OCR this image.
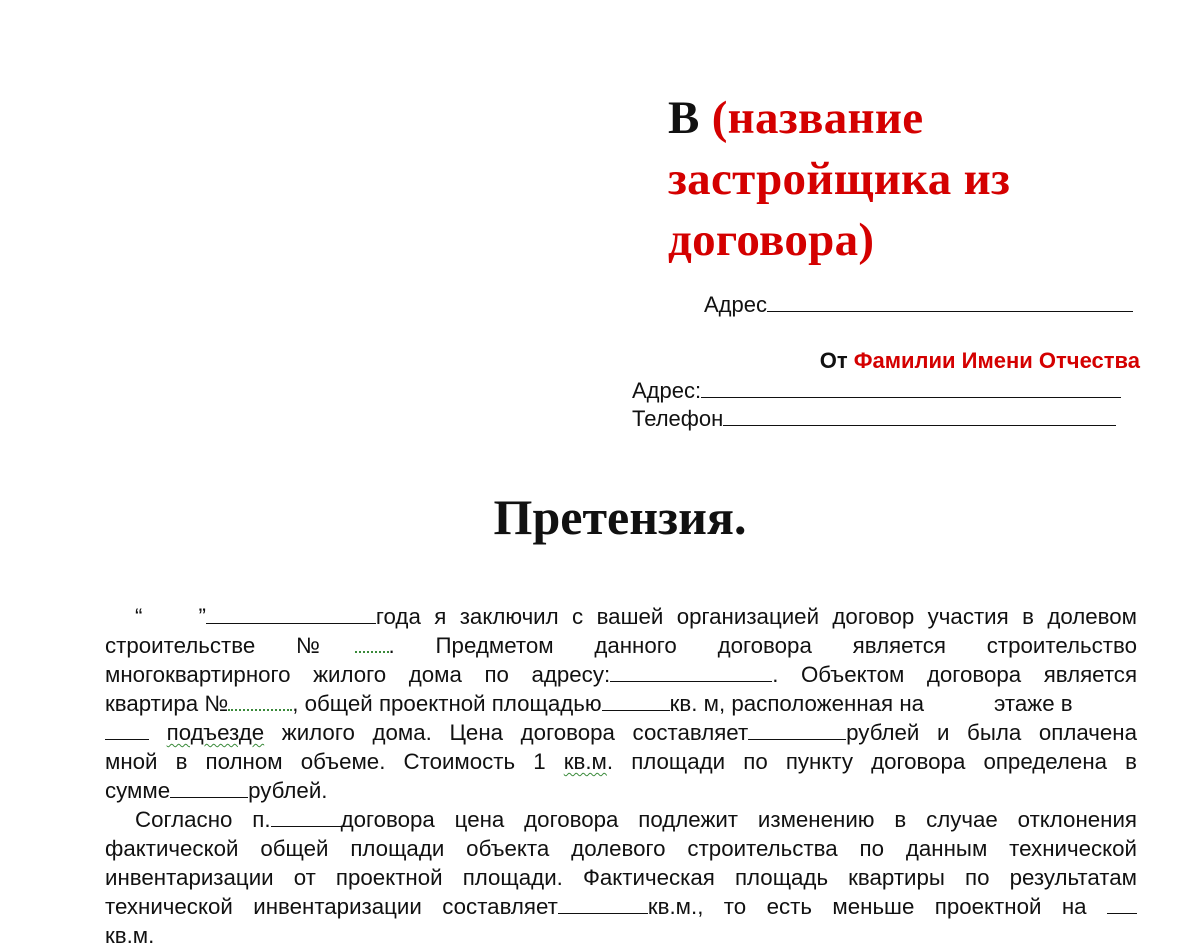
В (название застройщика из договора)
Адрес
От Фамилии Имени Отчества
Адрес:
Телефон
Претензия.
“	”	года я заключил с вашей организацией договор участия в долевом
строительстве № . Предметом данного договора является строительство
многоквартирного жилого дома по адресу:	. Объектом договора является
квартира №	, общей проектной площадью	кв. м, расположенная на	этаже в
подъезде жилого дома. Цена договора составляет	рублей и была оплачена
мной в полном объеме. Стоимость 1 кв.м. площади по пункту договора определена в
сумме	рублей.
Согласно п.	договора цена договора подлежит изменению в случае отклонения
фактической общей площади объекта долевого строительства по данным технической
инвентаризации от проектной площади. Фактическая площадь квартиры по результатам
технической инвентаризации составляет	кв.м., то есть меньше проектной на
кв.м.
